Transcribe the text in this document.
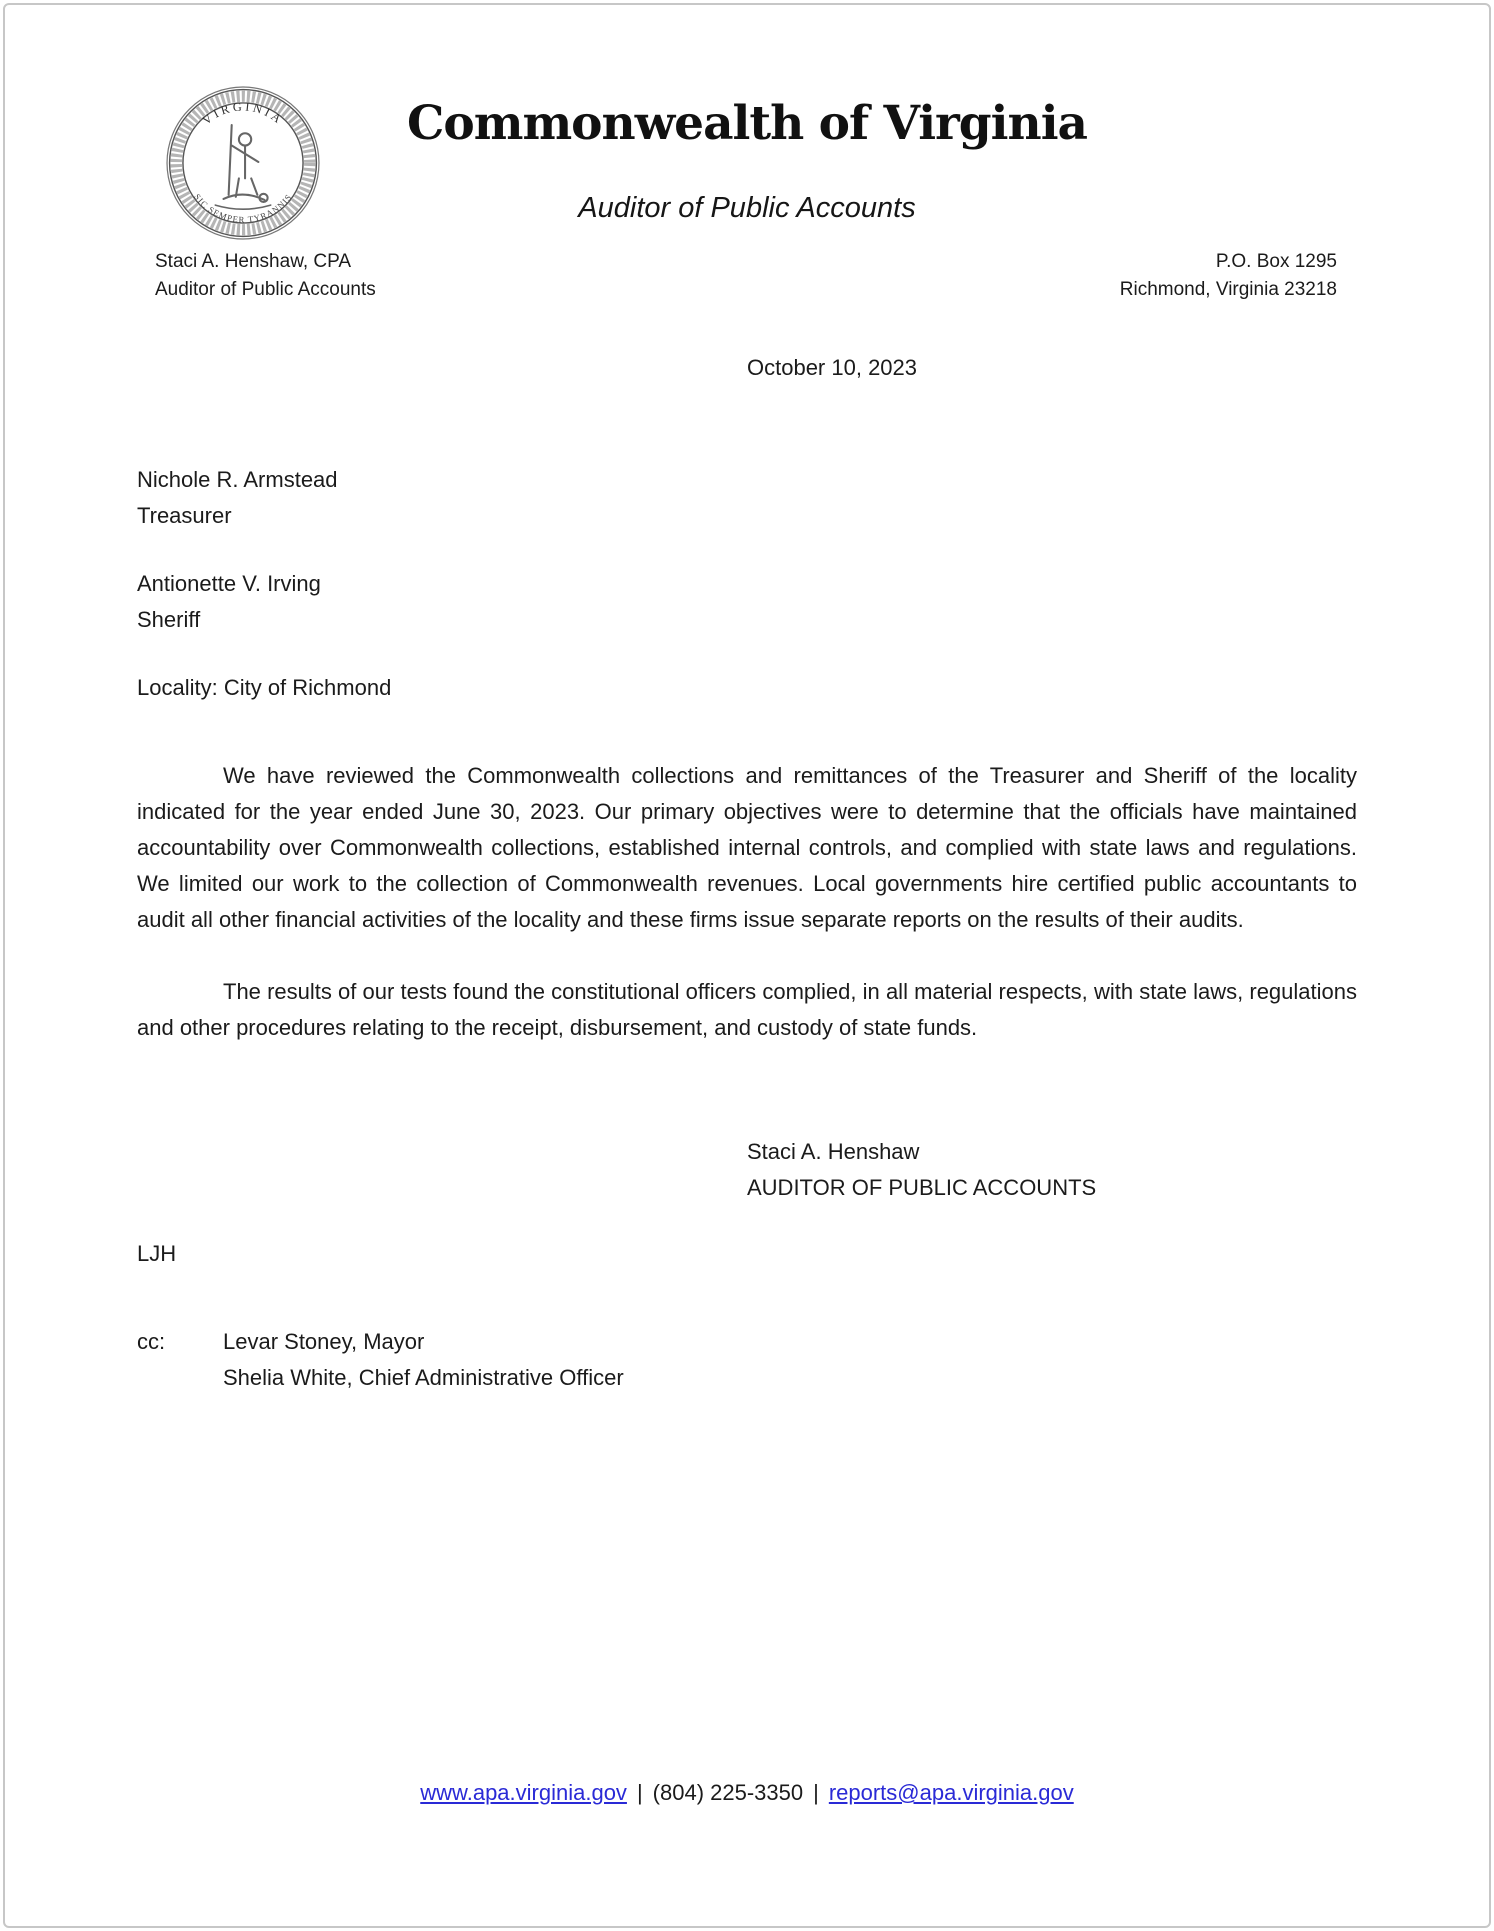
VIRGINIA
SIC SEMPER TYRANNIS
Commonwealth of Virginia
Auditor of Public Accounts
Staci A. Henshaw, CPA
Auditor of Public Accounts
P.O. Box 1295
Richmond, Virginia 23218
October 10, 2023
Nichole R. Armstead
Treasurer
Antionette V. Irving
Sheriff
Locality: City of Richmond

We have reviewed the Commonwealth collections and remittances of the Treasurer and Sheriff of the locality indicated for the year ended June 30, 2023. Our primary objectives were to determine that the officials have maintained accountability over Commonwealth collections, established internal controls, and complied with state laws and regulations. We limited our work to the collection of Commonwealth revenues. Local governments hire certified public accountants to audit all other financial activities of the locality and these firms issue separate reports on the results of their audits.

The results of our tests found the constitutional officers complied, in all material respects, with state laws, regulations and other procedures relating to the receipt, disbursement, and custody of state funds.

Staci A. Henshaw
AUDITOR OF PUBLIC ACCOUNTS
LJH
cc:	Levar Stoney, Mayor
Shelia White, Chief Administrative Officer
www.apa.virginia.gov | (804) 225-3350 | reports@apa.virginia.gov
